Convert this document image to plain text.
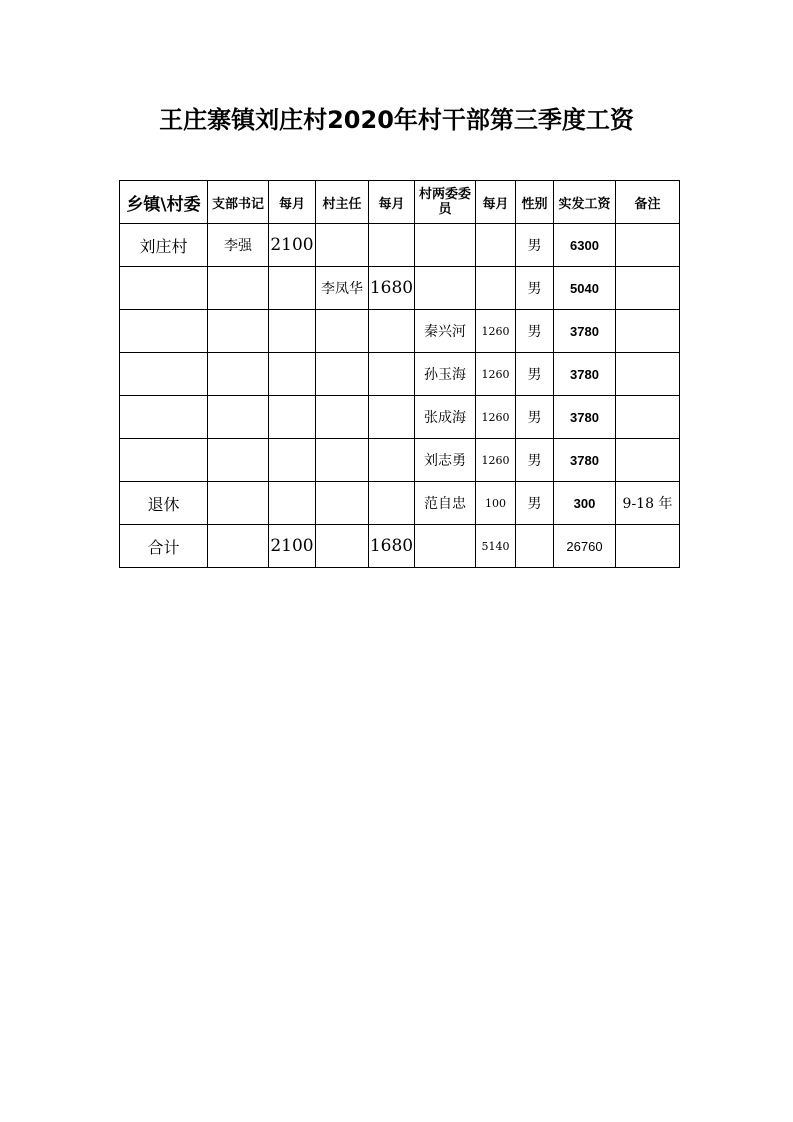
王庄寨镇刘庄村2020年村干部第三季度工资
乡镇\村委	支部书记	每月	村主任	每月	村两委委员	每月	性别	实发工资	备注
刘庄村	李强	2100					男	6300	
			李凤华	1680			男	5040	
					秦兴河	1260	男	3780	
					孙玉海	1260	男	3780	
					张成海	1260	男	3780	
					刘志勇	1260	男	3780	
退休					范自忠	100	男	300	9-18 年
合计		2100		1680		5140		26760	
